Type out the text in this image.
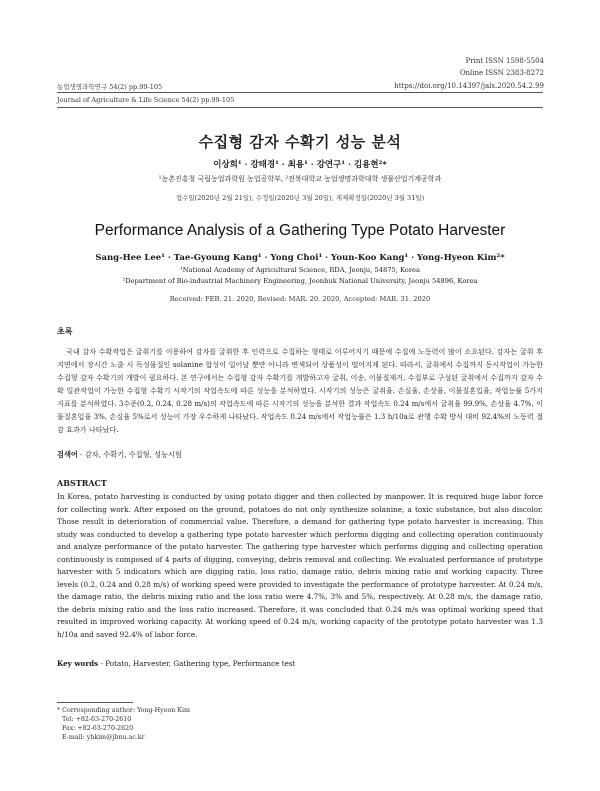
Print ISSN 1598-5504
Online ISSN 2383-8272
농업생명과학연구 54(2) pp.99-105	https://doi.org/10.14397/jals.2020.54.2.99
Journal of Agriculture & Life Science 54(2) pp.99-105
수집형 감자 수확기 성능 분석
이상희¹ · 강태경¹ · 최용¹ · 강연구¹ · 김용현²*
¹농촌진흥청 국립농업과학원 농업공학부, ²전북대학교 농업생명과학대학 생물산업기계공학과
접수일(2020년 2월 21일), 수정일(2020년 3월 20일), 게재확정일(2020년 3월 31일)
Performance Analysis of a Gathering Type Potato Harvester
Sang-Hee Lee¹ · Tae-Gyoung Kang¹ · Yong Choi¹ · Youn-Koo Kang¹ · Yong-Hyeon Kim²*
¹National Academy of Agricultural Science, RDA, Jeonju, 54875, Korea
²Department of Bio-industrial Machinery Engineering, Jeonbuk National University, Jeonju 54896, Korea
Received: FEB. 21. 2020, Revised: MAR. 20. 2020, Accepted: MAR. 31. 2020
초록
국내 감자 수확작업은 굴취기를 이용하여 감자를 굴취한 후 인력으로 수집하는 형태로 이루어지기 때문에 수집에 노동력이 많이 소요된다. 감자는 굴취 후 지면에서 장시간 노출 시 독성물질인 solanine 합성이 일어날 뿐만 아니라 변색되어 상품성이 떨어지게 된다. 따라서, 굴취에서 수집까지 동시작업이 가능한 수집형 감자 수확기의 개발이 필요하다. 본 연구에서는 수집형 감자 수확기를 개발하고자 굴취, 이송, 이물질제거, 수집부로 구성된 굴취에서 수집까지 감자 수확 일관작업이 가능한 수집형 수확기 시작기의 작업속도에 따른 성능을 분석하였다. 시작기의 성능은 굴취율, 손실율, 손상율, 이물질혼입율, 작업능률 5가지 지표를 분석하였다. 3수준(0.2, 0.24, 0.28 m/s)의 작업속도에 따른 시작기의 성능을 분석한 결과 작업속도 0.24 m/s에서 굴취율 99.9%, 손상율 4.7%, 이물질혼입율 3%, 손실율 5%로서 성능이 가장 우수하게 나타났다. 작업속도 0.24 m/s에서 작업능률은 1.3 h/10a로 관행 수확 방식 대비 92.4%의 노동력 절감 효과가 나타났다.
검색어 - 감자, 수확기, 수집형, 성능시험
ABSTRACT
In Korea, potato harvesting is conducted by using potato digger and then collected by manpower. It is required huge labor force for collecting work. After exposed on the ground, potatoes do not only synthesize solanine, a toxic substance, but also discolor. Those result in deterioration of commercial value. Therefore, a demand for gathering type potato harvester is increasing. This study was conducted to develop a gathering type potato harvester which performs digging and collecting operation continuously and analyze performance of the potato harvester. The gathering type harvester which performs digging and collecting operation continuously is composed of 4 parts of digging, conveying, debris removal and collecting. We evaluated performance of prototype harvester with 5 indicators which are digging ratio, loss ratio, damage ratio, debris mixing ratio and working capacity. Three levels (0.2, 0.24 and 0.28 m/s) of working speed were provided to investigate the performance of prototype harvester. At 0.24 m/s, the damage ratio, the debris mixing ratio and the loss ratio were 4.7%, 3% and 5%, respectively. At 0.28 m/s, the damage ratio, the debris mixing ratio and the loss ratio increased. Therefore, it was concluded that 0.24 m/s was optimal working speed that resulted in improved working capacity. At working speed of 0.24 m/s, working capacity of the prototype potato harvester was 1.3 h/10a and saved 92.4% of labor force.
Key words - Potato, Harvester, Gathering type, Performance test
* Corresponding author: Yong-Hyeon Kim
Tel: +82-63-270-2610
Fax: +82-63-270-2620
E-mail: yhkim@jbnu.ac.kr
